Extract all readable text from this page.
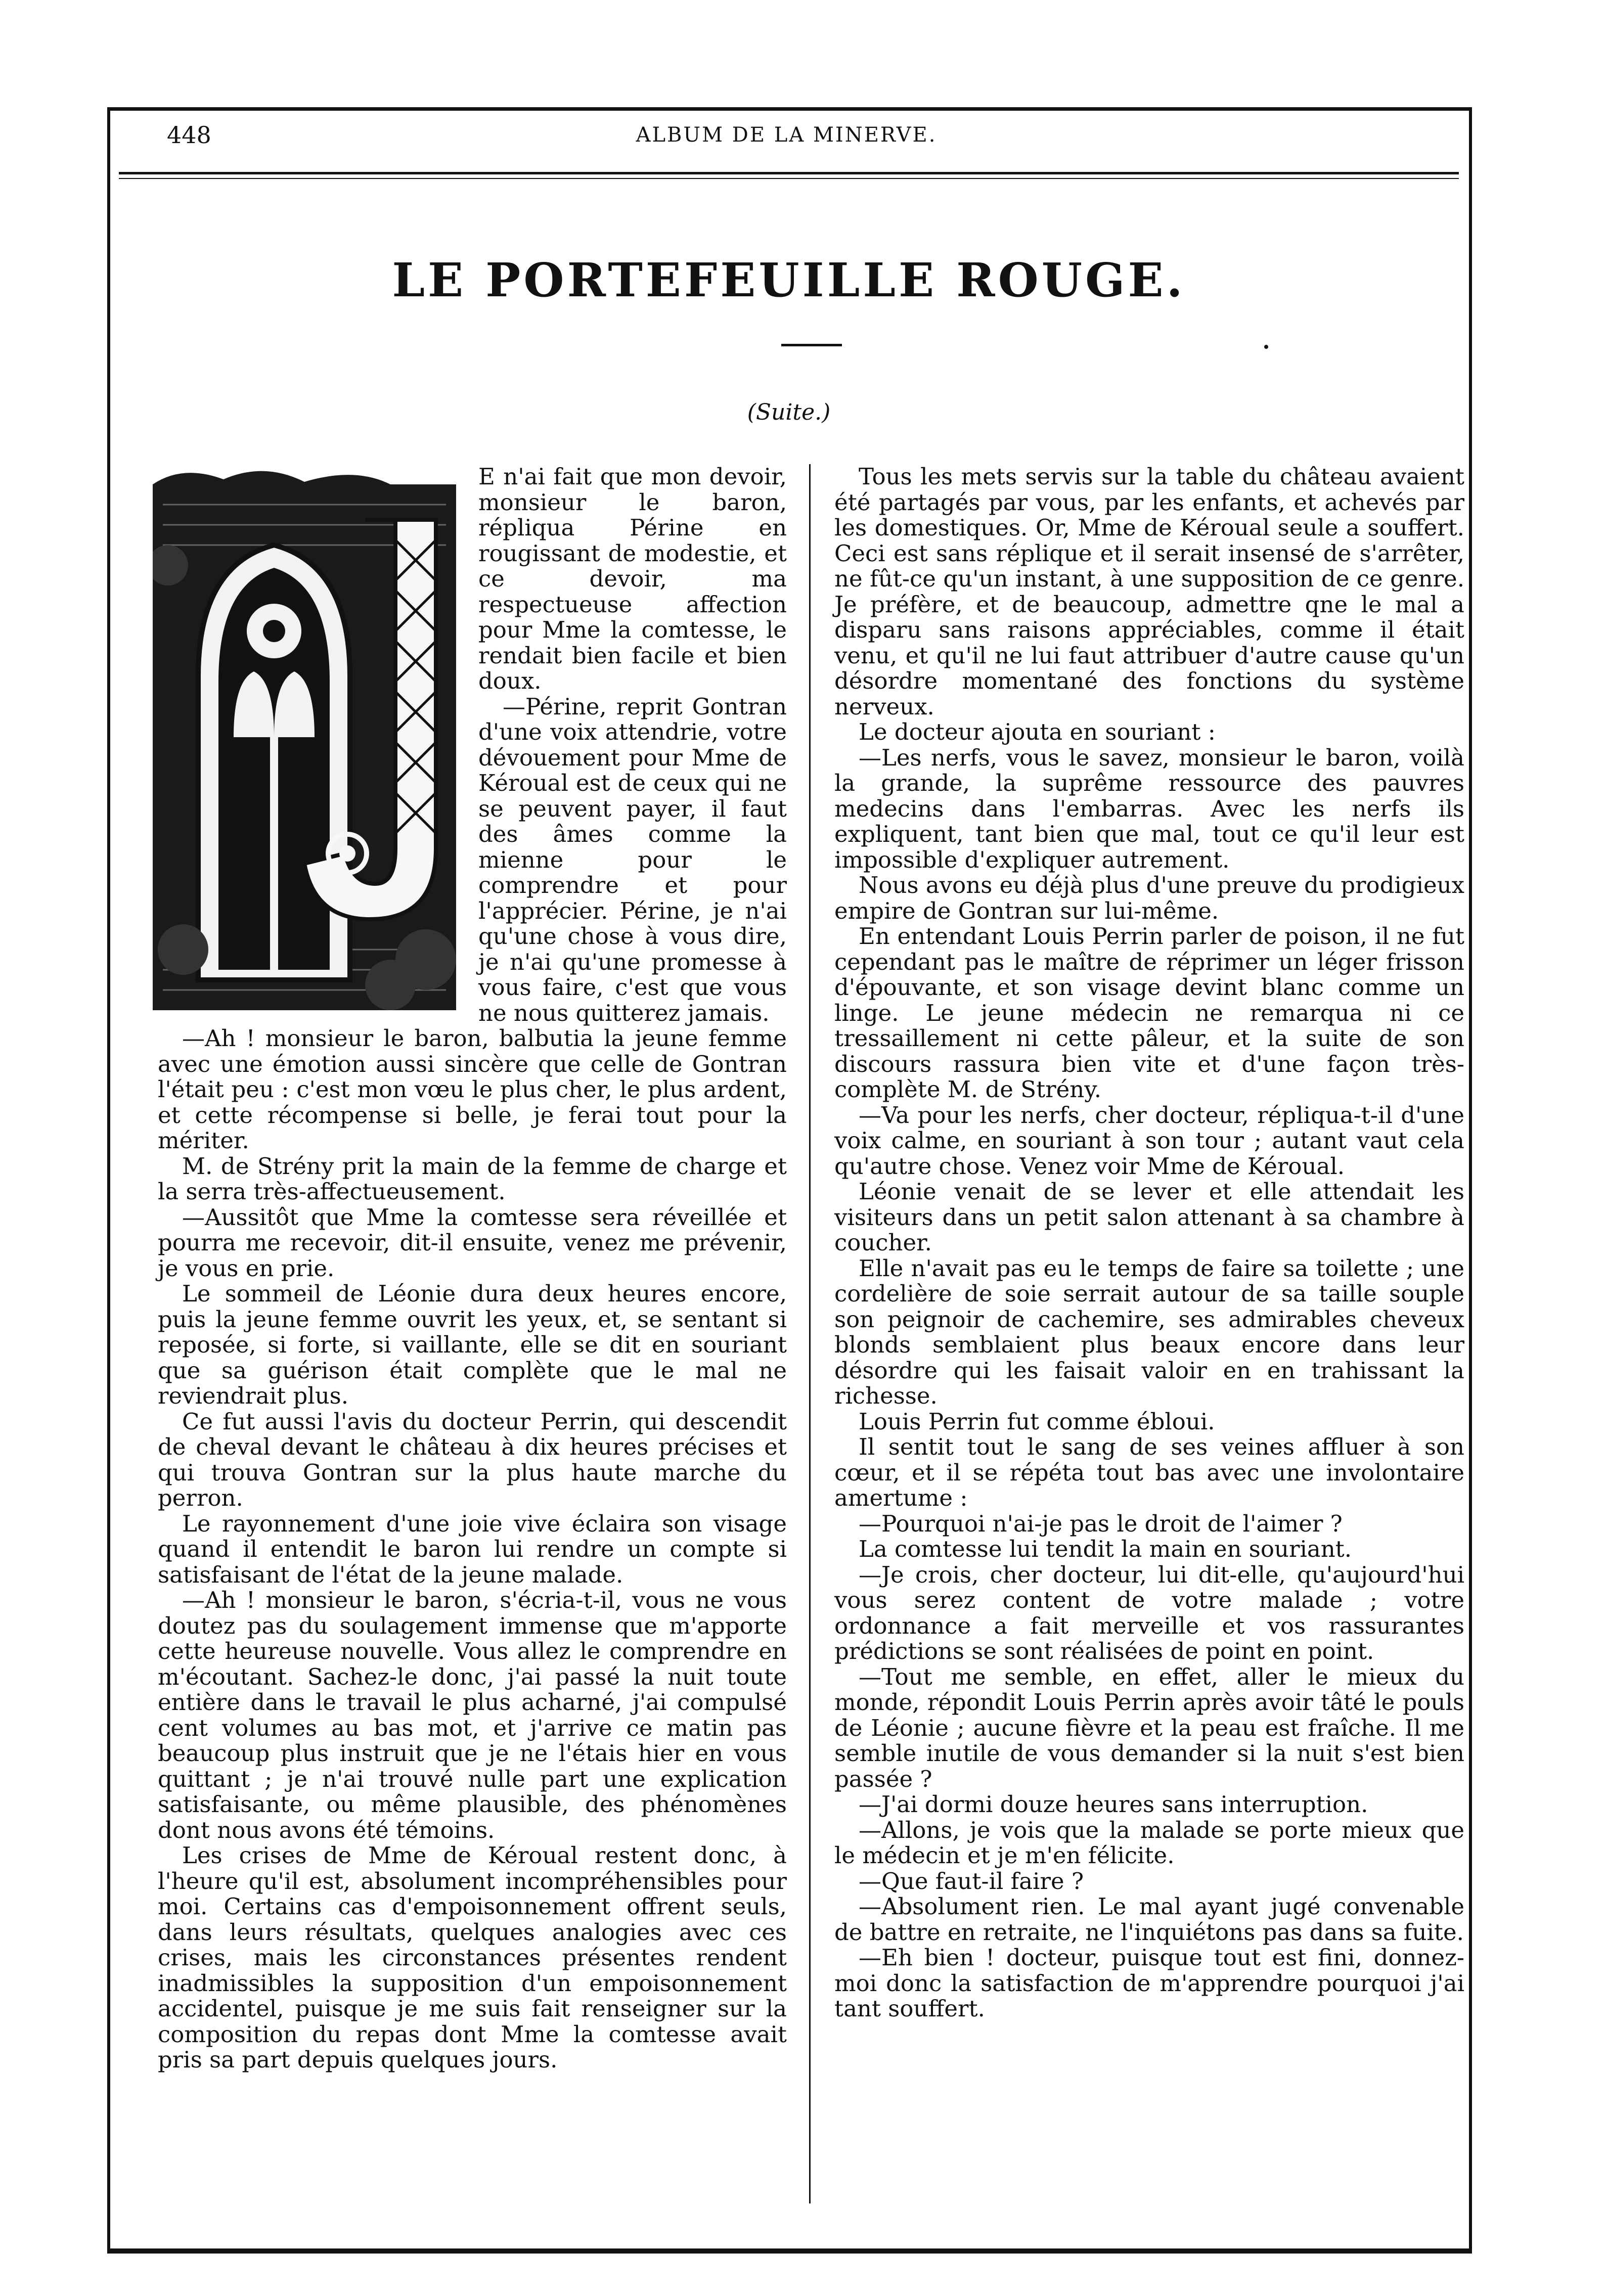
448	ALBUM DE LA MINERVE.
LE PORTEFEUILLE ROUGE.
(Suite.)

E n'ai fait que mon devoir, monsieur le baron, répliqua Périne en rougissant de modestie, et ce devoir, ma respectueuse affection pour Mme la comtesse, le rendait bien facile et bien doux.

—Périne, reprit Gontran d'une voix attendrie, votre dévouement pour Mme de Kéroual est de ceux qui ne se peuvent payer, il faut des âmes comme la mienne pour le comprendre et pour l'apprécier. Périne, je n'ai qu'une chose à vous dire, je n'ai qu'une promesse à vous faire, c'est que vous ne nous quitterez jamais.

—Ah ! monsieur le baron, balbutia la jeune femme avec une émotion aussi sincère que celle de Gontran l'était peu : c'est mon vœu le plus cher, le plus ardent, et cette récompense si belle, je ferai tout pour la mériter.

M. de Strény prit la main de la femme de charge et la serra très-affectueusement.

—Aussitôt que Mme la comtesse sera réveillée et pourra me recevoir, dit-il ensuite, venez me prévenir, je vous en prie.

Le sommeil de Léonie dura deux heures encore, puis la jeune femme ouvrit les yeux, et, se sentant si reposée, si forte, si vaillante, elle se dit en souriant que sa guérison était complète que le mal ne reviendrait plus.

Ce fut aussi l'avis du docteur Perrin, qui descendit de cheval devant le château à dix heures précises et qui trouva Gontran sur la plus haute marche du perron.

Le rayonnement d'une joie vive éclaira son visage quand il entendit le baron lui rendre un compte si satisfaisant de l'état de la jeune malade.

—Ah ! monsieur le baron, s'écria-t-il, vous ne vous doutez pas du soulagement immense que m'apporte cette heureuse nouvelle. Vous allez le comprendre en m'écoutant. Sachez-le donc, j'ai passé la nuit toute entière dans le travail le plus acharné, j'ai compulsé cent volumes au bas mot, et j'arrive ce matin pas beaucoup plus instruit que je ne l'étais hier en vous quittant ; je n'ai trouvé nulle part une explication satisfaisante, ou même plausible, des phénomènes dont nous avons été témoins.

Les crises de Mme de Kéroual restent donc, à l'heure qu'il est, absolument incompréhensibles pour moi. Certains cas d'empoisonnement offrent seuls, dans leurs résultats, quelques analogies avec ces crises, mais les circonstances présentes rendent inadmissibles la supposition d'un empoisonnement accidentel, puisque je me suis fait renseigner sur la composition du repas dont Mme la comtesse avait pris sa part depuis quelques jours.

Tous les mets servis sur la table du château avaient été partagés par vous, par les enfants, et achevés par les domestiques. Or, Mme de Kéroual seule a souffert. Ceci est sans réplique et il serait insensé de s'arrêter, ne fût-ce qu'un instant, à une supposition de ce genre. Je préfère, et de beaucoup, admettre qne le mal a disparu sans raisons appréciables, comme il était venu, et qu'il ne lui faut attribuer d'autre cause qu'un désordre momentané des fonctions du système nerveux.

Le docteur ajouta en souriant :

—Les nerfs, vous le savez, monsieur le baron, voilà la grande, la suprême ressource des pauvres medecins dans l'embarras. Avec les nerfs ils expliquent, tant bien que mal, tout ce qu'il leur est impossible d'expliquer autrement.

Nous avons eu déjà plus d'une preuve du prodigieux empire de Gontran sur lui-même.

En entendant Louis Perrin parler de poison, il ne fut cependant pas le maître de réprimer un léger frisson d'épouvante, et son visage devint blanc comme un linge. Le jeune médecin ne remarqua ni ce tressaillement ni cette pâleur, et la suite de son discours rassura bien vite et d'une façon très-complète M. de Strény.

—Va pour les nerfs, cher docteur, répliqua-t-il d'une voix calme, en souriant à son tour ; autant vaut cela qu'autre chose. Venez voir Mme de Kéroual.

Léonie venait de se lever et elle attendait les visiteurs dans un petit salon attenant à sa chambre à coucher.

Elle n'avait pas eu le temps de faire sa toilette ; une cordelière de soie serrait autour de sa taille souple son peignoir de cachemire, ses admirables cheveux blonds semblaient plus beaux encore dans leur désordre qui les faisait valoir en en trahissant la richesse.

Louis Perrin fut comme ébloui.

Il sentit tout le sang de ses veines affluer à son cœur, et il se répéta tout bas avec une involontaire amertume :

—Pourquoi n'ai-je pas le droit de l'aimer ?

La comtesse lui tendit la main en souriant.

—Je crois, cher docteur, lui dit-elle, qu'aujourd'hui vous serez content de votre malade ; votre ordonnance a fait merveille et vos rassurantes prédictions se sont réalisées de point en point.

—Tout me semble, en effet, aller le mieux du monde, répondit Louis Perrin après avoir tâté le pouls de Léonie ; aucune fièvre et la peau est fraîche. Il me semble inutile de vous demander si la nuit s'est bien passée ?

—J'ai dormi douze heures sans interruption.

—Allons, je vois que la malade se porte mieux que le médecin et je m'en félicite.

—Que faut-il faire ?

—Absolument rien. Le mal ayant jugé convenable de battre en retraite, ne l'inquiétons pas dans sa fuite.

—Eh bien ! docteur, puisque tout est fini, donnez-moi donc la satisfaction de m'apprendre pourquoi j'ai tant souffert.
